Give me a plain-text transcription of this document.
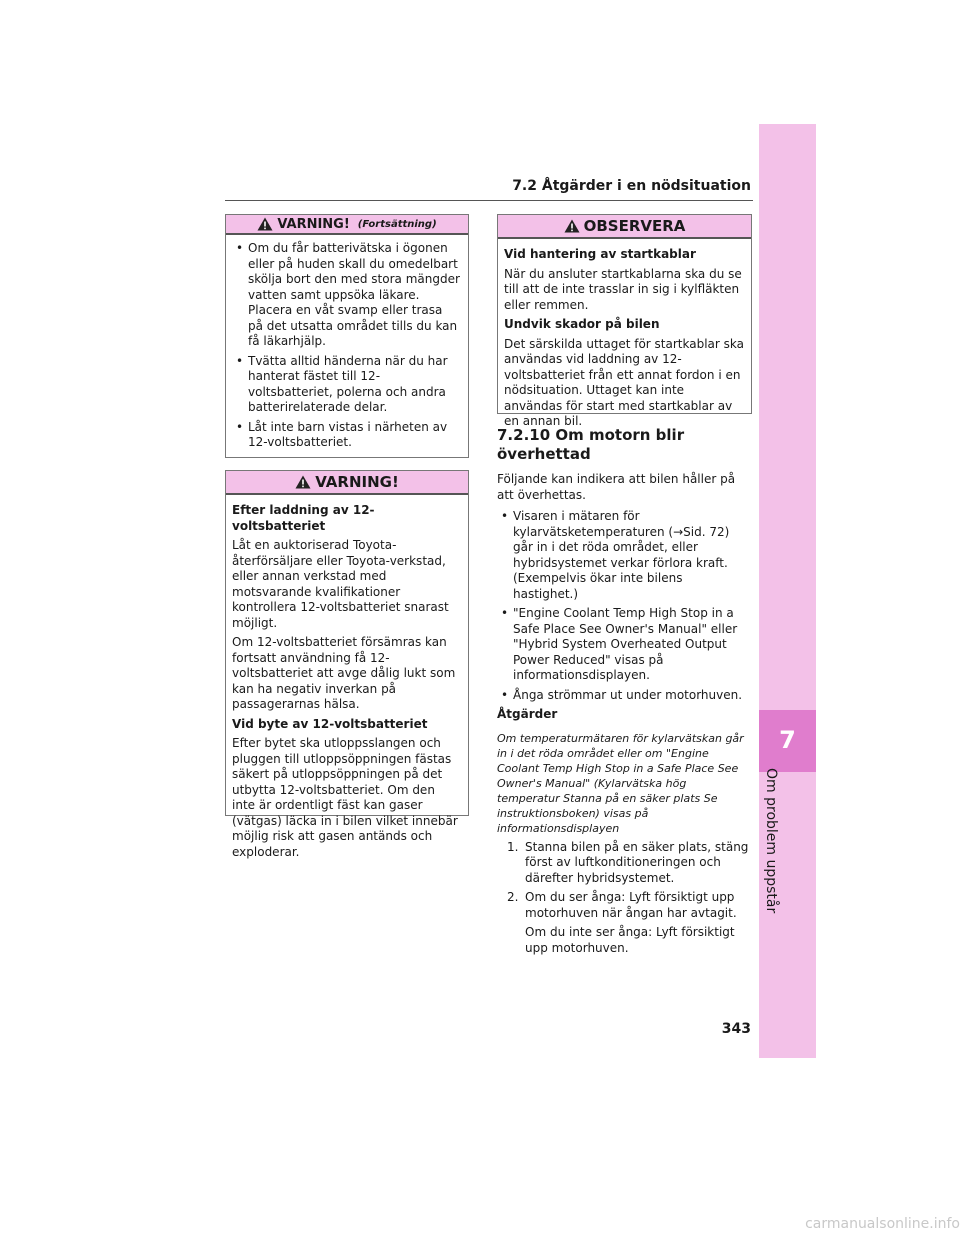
7
Om problem uppstår
7.2 Åtgärder i en nödsituation
VARNING! (Fortsättning)
• Om du får batterivätska i ögonen eller på huden skall du omedelbart skölja bort den med stora mängder vatten samt uppsöka läkare. Placera en våt svamp eller trasa på det utsatta området tills du kan få läkarhjälp.
• Tvätta alltid händerna när du har hanterat fästet till 12-voltsbatteriet, polerna och andra batterirelaterade delar.
• Låt inte barn vistas i närheten av 12-voltsbatteriet.
VARNING!

Efter laddning av 12-voltsbatteriet

Låt en auktoriserad Toyota-återförsäljare eller Toyota-verkstad, eller annan verkstad med motsvarande kvalifikationer kontrollera 12-voltsbatteriet snarast möjligt.

Om 12-voltsbatteriet försämras kan fortsatt användning få 12-voltsbatteriet att avge dålig lukt som kan ha negativ inverkan på passagerarnas hälsa.

Vid byte av 12-voltsbatteriet

Efter bytet ska utloppsslangen och pluggen till utloppsöppningen fästas säkert på utloppsöppningen på det utbytta 12-voltsbatteriet. Om den inte är ordentligt fäst kan gaser (vätgas) läcka in i bilen vilket innebär möjlig risk att gasen antänds och exploderar.

OBSERVERA

Vid hantering av startkablar

När du ansluter startkablarna ska du se till att de inte trasslar in sig i kylfläkten eller remmen.

Undvik skador på bilen

Det särskilda uttaget för startkablar ska användas vid laddning av 12-voltsbatteriet från ett annat fordon i en nödsituation. Uttaget kan inte användas för start med startkablar av en annan bil.

7.2.10 Om motorn blir
överhettad

Följande kan indikera att bilen håller på att överhettas.

• Visaren i mätaren för kylarvätsketemperaturen (→Sid. 72) går in i det röda området, eller hybridsystemet verkar förlora kraft. (Exempelvis ökar inte bilens hastighet.)
• "Engine Coolant Temp High Stop in a Safe Place See Owner's Manual" eller "Hybrid System Overheated Output Power Reduced" visas på informationsdisplayen.
• Ånga strömmar ut under motorhuven.

Åtgärder

Om temperaturmätaren för kylarvätskan går in i det röda området eller om "Engine Coolant Temp High Stop in a Safe Place See Owner's Manual" (Kylarvätska hög temperatur Stanna på en säker plats Se instruktionsboken) visas på informationsdisplayen

1. Stanna bilen på en säker plats, stäng först av luftkonditioneringen och därefter hybridsystemet.
2. Om du ser ånga: Lyft försiktigt upp motorhuven när ångan har avtagit.
Om du inte ser ånga: Lyft försiktigt upp motorhuven.
343
carmanualsonline.info
